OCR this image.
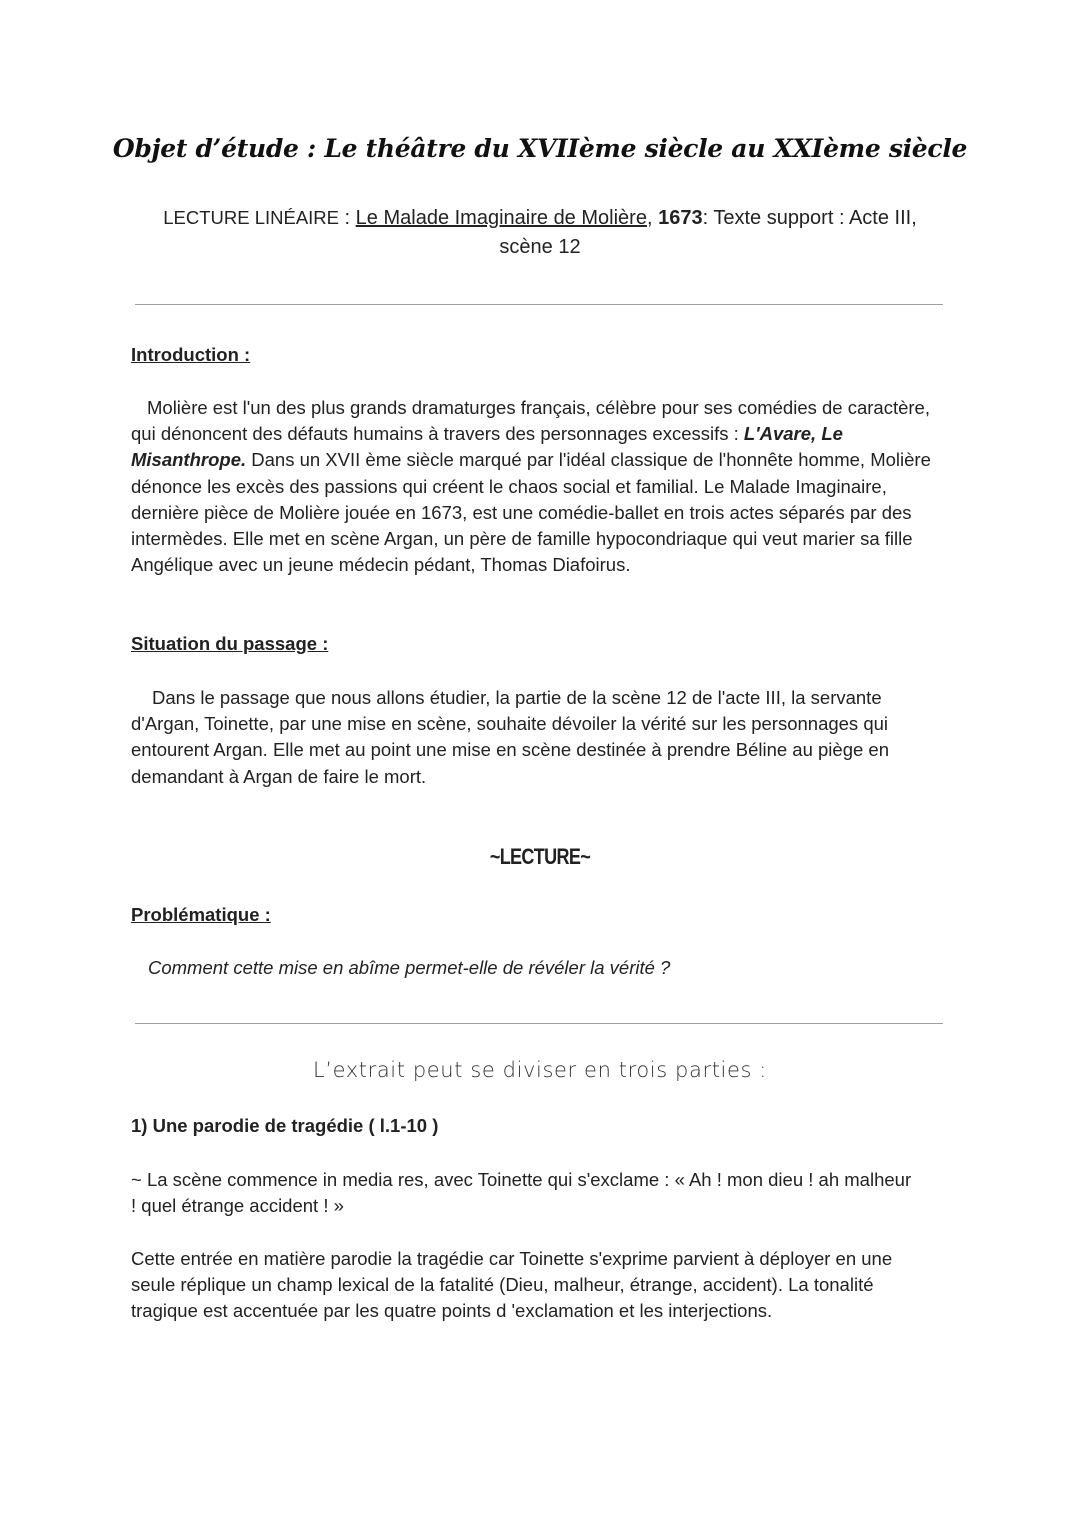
Objet d’étude : Le théâtre du XVIIème siècle au XXIème siècle
LECTURE LINÉAIRE : Le Malade Imaginaire de Molière, 1673: Texte support : Acte III,
scène 12
Introduction :
Molière est l'un des plus grands dramaturges français, célèbre pour ses comédies de caractère, qui dénoncent des défauts humains à travers des personnages excessifs : L'Avare, Le Misanthrope. Dans un XVII ème siècle marqué par l'idéal classique de l'honnête homme, Molière dénonce les excès des passions qui créent le chaos social et familial. Le Malade Imaginaire, dernière pièce de Molière jouée en 1673, est une comédie-ballet en trois actes séparés par des intermèdes. Elle met en scène Argan, un père de famille hypocondriaque qui veut marier sa fille Angélique avec un jeune médecin pédant, Thomas Diafoirus.
Situation du passage :
Dans le passage que nous allons étudier, la partie de la scène 12 de l'acte III, la servante d'Argan, Toinette, par une mise en scène, souhaite dévoiler la vérité sur les personnages qui entourent Argan. Elle met au point une mise en scène destinée à prendre Béline au piège en demandant à Argan de faire le mort.
~LECTURE~
Problématique :
Comment cette mise en abîme permet-elle de révéler la vérité ?
L’extrait peut se diviser en trois parties :
1) Une parodie de tragédie ( l.1-10 )
~ La scène commence in media res, avec Toinette qui s'exclame : « Ah ! mon dieu ! ah malheur ! quel étrange accident ! »
Cette entrée en matière parodie la tragédie car Toinette s'exprime parvient à déployer en une seule réplique un champ lexical de la fatalité (Dieu, malheur, étrange, accident). La tonalité tragique est accentuée par les quatre points d 'exclamation et les interjections.
